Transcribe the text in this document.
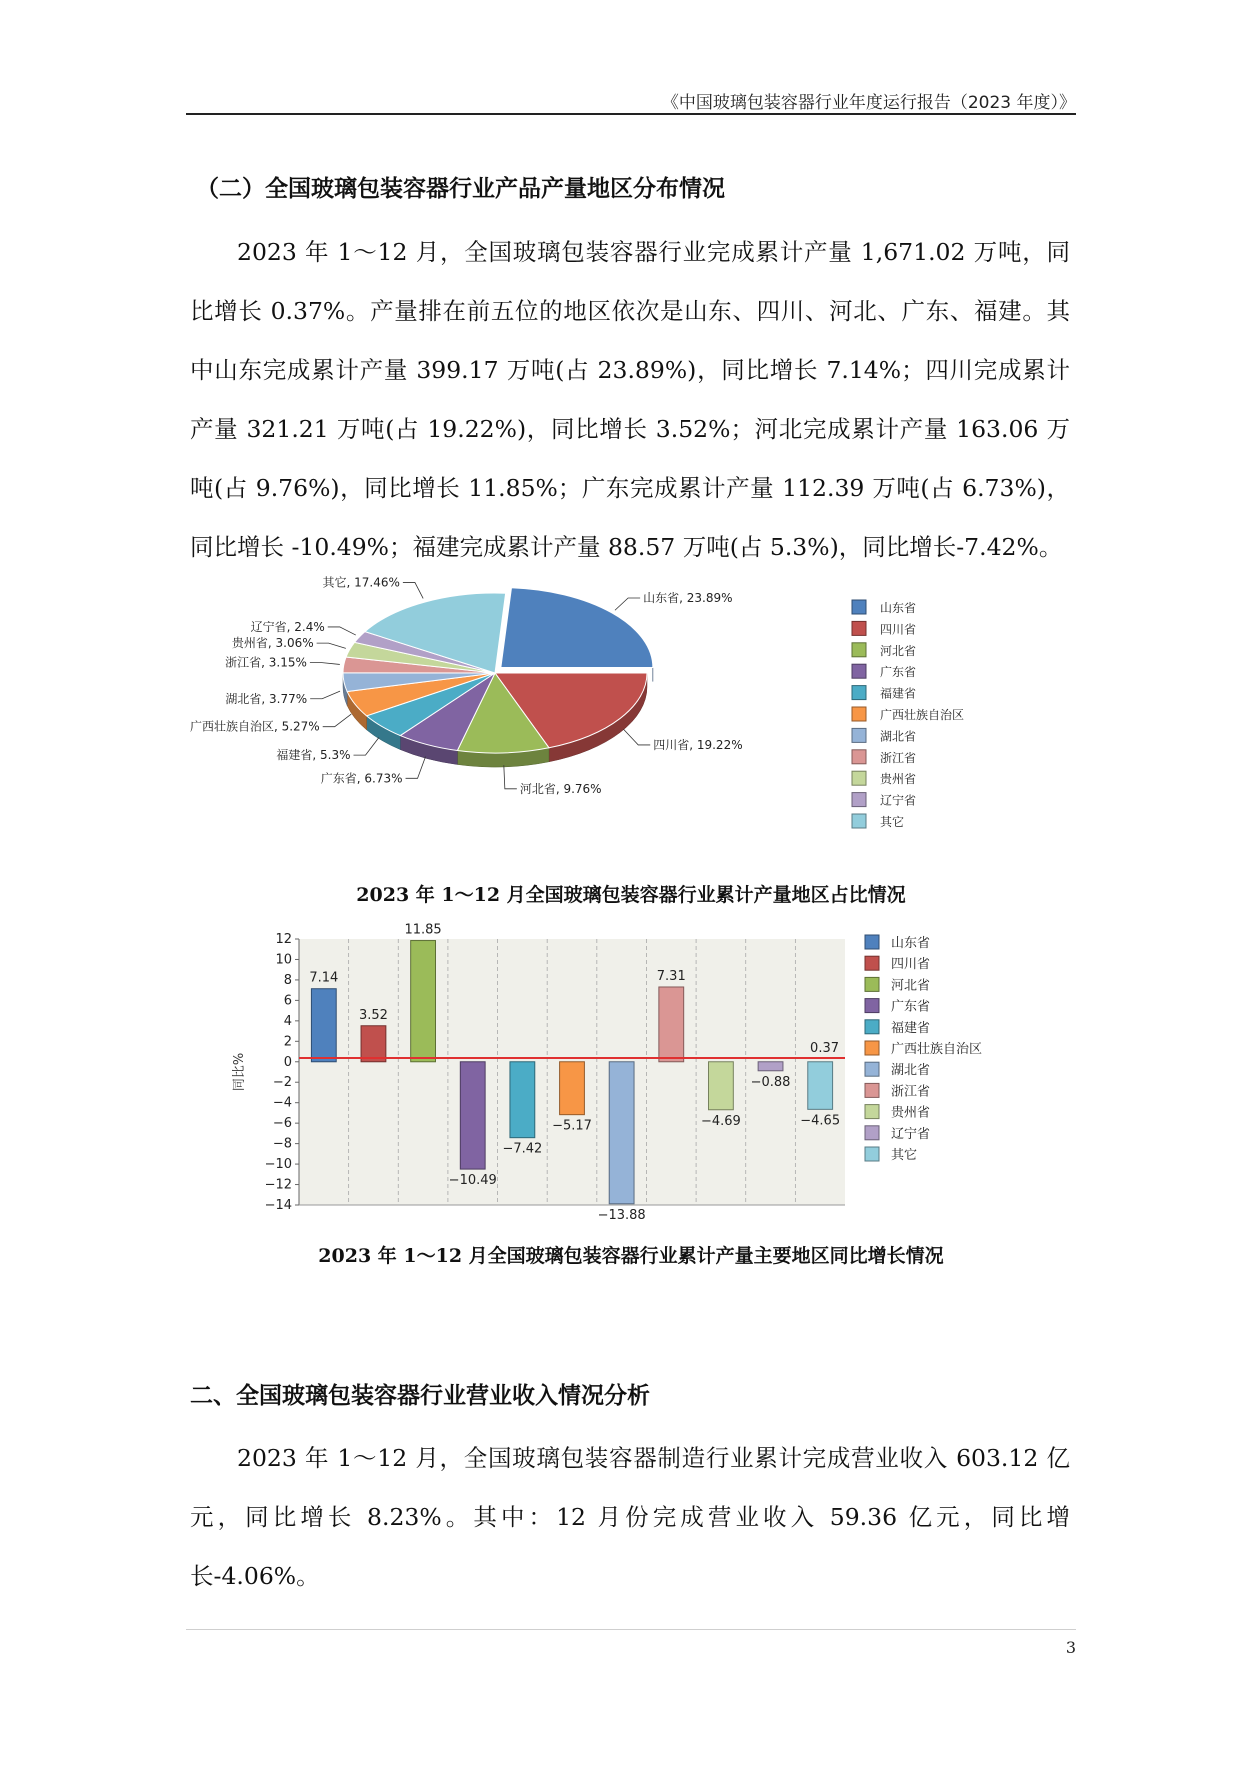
《中国玻璃包装容器行业年度运行报告（2023 年度）》
（二）全国玻璃包装容器行业产品产量地区分布情况
2023 年 1～12 月，全国玻璃包装容器行业完成累计产量 1,671.02 万吨，同比增长 0.37%。产量排在前五位的地区依次是山东、四川、河北、广东、福建。其中山东完成累计产量 399.17 万吨(占 23.89%)，同比增长 7.14%；四川完成累计产量 321.21 万吨(占 19.22%)，同比增长 3.52%；河北完成累计产量 163.06 万吨(占 9.76%)，同比增长 11.85%；广东完成累计产量 112.39 万吨(占 6.73%)，同比增长 -10.49%；福建完成累计产量 88.57 万吨(占 5.3%)，同比增长-7.42%。
山东省, 23.89%
四川省, 19.22%
河北省, 9.76%
广东省, 6.73%
福建省, 5.3%
广西壮族自治区, 5.27%
湖北省, 3.77%
浙江省, 3.15%
贵州省, 3.06%
辽宁省, 2.4%
其它, 17.46%
山东省
四川省
河北省
广东省
福建省
广西壮族自治区
湖北省
浙江省
贵州省
辽宁省
其它
2023 年 1～12 月全国玻璃包装容器行业累计产量地区占比情况
12
10
8
6
4
2
0
−2
−4
−6
−8
−10
−12
−14
7.14
3.52
11.85
−10.49
−7.42
−5.17
−13.88
7.31
−4.69
−0.88
−4.65
0.37
山东省
四川省
河北省
广东省
福建省
广西壮族自治区
湖北省
浙江省
贵州省
辽宁省
其它
同比%
2023 年 1～12 月全国玻璃包装容器行业累计产量主要地区同比增长情况
二、全国玻璃包装容器行业营业收入情况分析
2023 年 1～12 月，全国玻璃包装容器制造行业累计完成营业收入 603.12 亿元，同比增长 8.23%。其中：12 月份完成营业收入 59.36 亿元，同比增长-4.06%。
3
